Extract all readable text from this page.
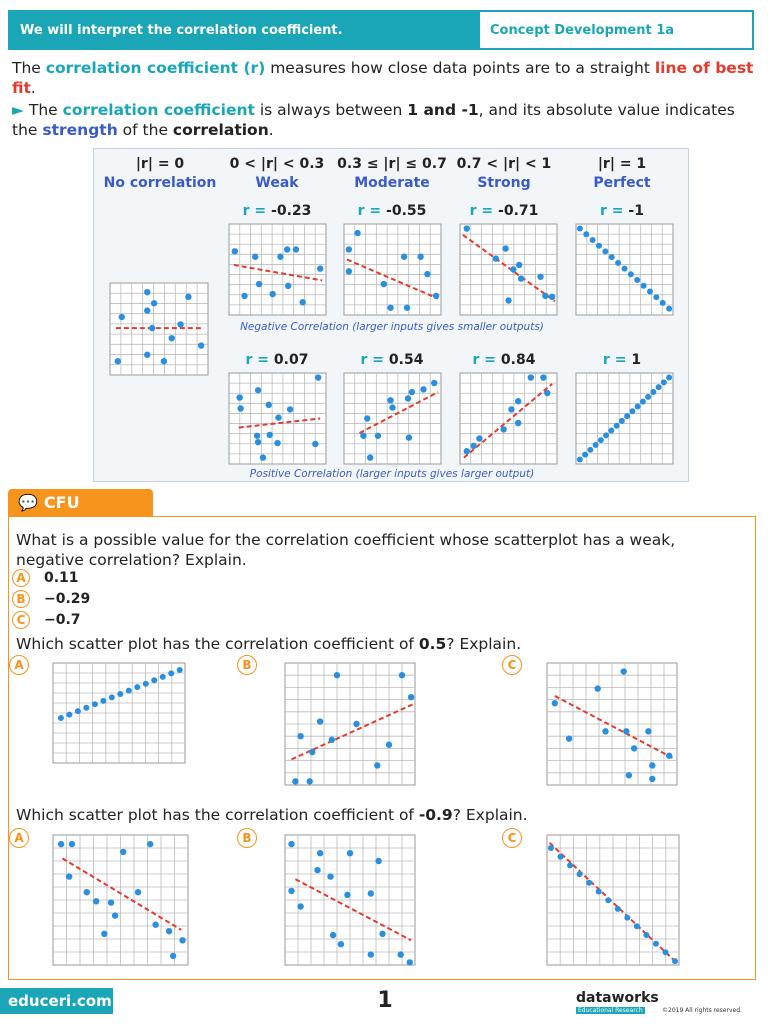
We will interpret the correlation coefficient.	Concept Development 1a
The correlation coefficient (r) measures how close data points are to a straight line of best fit.
► The correlation coefficient is always between 1 and -1, and its absolute value indicates the strength of the correlation.
|r| = 0
No correlation
0 < |r| < 0.3
Weak
0.3 ≤ |r| ≤ 0.7
Moderate
0.7 < |r| < 1
Strong
|r| = 1
Perfect
r = -0.23	r = -0.55	r = -0.71	r = -1
r = 0.07	r = 0.54	r = 0.84	r = 1
Negative Correlation (larger inputs gives smaller outputs)
Positive Correlation (larger inputs gives larger output)
💬 CFU
What is a possible value for the correlation coefficient whose scatterplot has a weak, negative correlation? Explain.
A	0.11
B	−0.29
C	−0.7
Which scatter plot has the correlation coefficient of 0.5? Explain.
A	B	C
Which scatter plot has the correlation coefficient of -0.9? Explain.
A	B	C
educeri.com	1	dataworks
Educational Research	©2019 All rights reserved.
